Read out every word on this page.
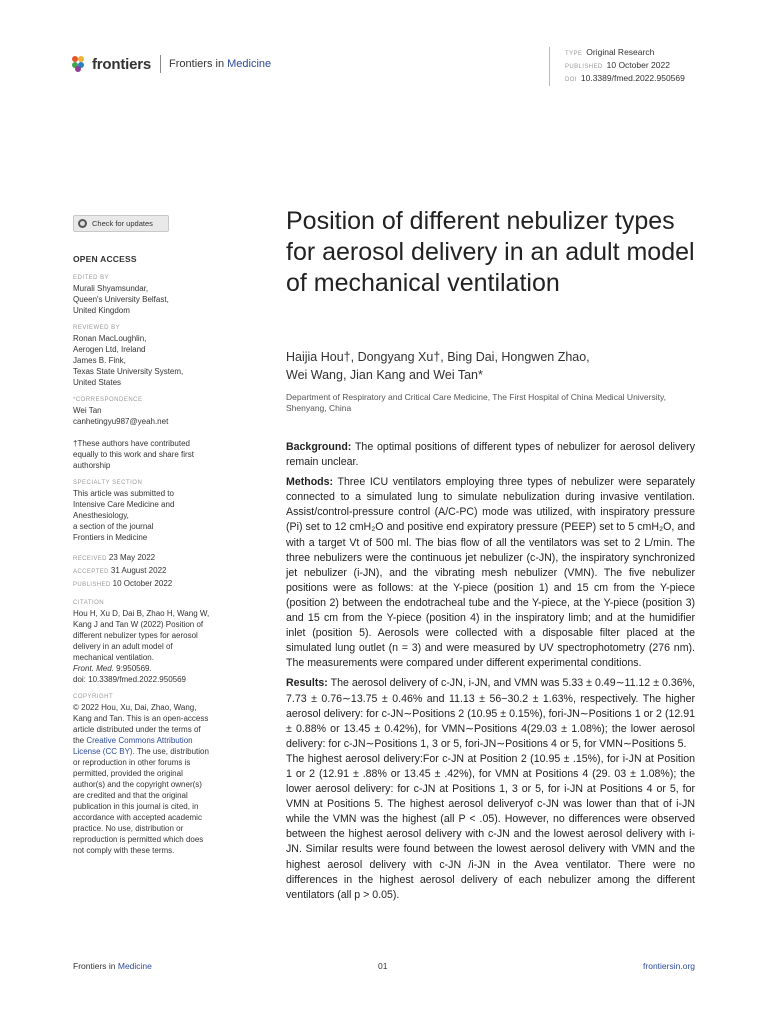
frontiers Frontiers in Medicine
TYPE Original Research
PUBLISHED 10 October 2022
DOI 10.3389/fmed.2022.950569
Check for updates
OPEN ACCESS
EDITED BY
Murali Shyamsundar,
Queen's University Belfast,
United Kingdom
REVIEWED BY
Ronan MacLoughlin,
Aerogen Ltd, Ireland
James B. Fink,
Texas State University System,
United States
*CORRESPONDENCE
Wei Tan
canhetingyu987@yeah.net
†These authors have contributed
equally to this work and share first
authorship
SPECIALTY SECTION
This article was submitted to
Intensive Care Medicine and
Anesthesiology,
a section of the journal
Frontiers in Medicine
RECEIVED 23 May 2022
ACCEPTED 31 August 2022
PUBLISHED 10 October 2022
CITATION
Hou H, Xu D, Dai B, Zhao H, Wang W,
Kang J and Tan W (2022) Position of
different nebulizer types for aerosol
delivery in an adult model of
mechanical ventilation.
Front. Med. 9:950569.
doi: 10.3389/fmed.2022.950569
COPYRIGHT
© 2022 Hou, Xu, Dai, Zhao, Wang,
Kang and Tan. This is an open-access
article distributed under the terms of
the Creative Commons Attribution
License (CC BY). The use, distribution
or reproduction in other forums is
permitted, provided the original
author(s) and the copyright owner(s)
are credited and that the original
publication in this journal is cited, in
accordance with accepted academic
practice. No use, distribution or
reproduction is permitted which does
not comply with these terms.
Position of different nebulizer types for aerosol delivery in an adult model of mechanical ventilation
Haijia Hou†, Dongyang Xu†, Bing Dai, Hongwen Zhao,
Wei Wang, Jian Kang and Wei Tan*
Department of Respiratory and Critical Care Medicine, The First Hospital of China Medical University, Shenyang, China

Background: The optimal positions of different types of nebulizer for aerosol delivery remain unclear.

Methods: Three ICU ventilators employing three types of nebulizer were separately connected to a simulated lung to simulate nebulization during invasive ventilation. Assist/control-pressure control (A/C-PC) mode was utilized, with inspiratory pressure (Pi) set to 12 cmH₂O and positive end expiratory pressure (PEEP) set to 5 cmH₂O, and with a target Vt of 500 ml. The bias flow of all the ventilators was set to 2 L/min. The three nebulizers were the continuous jet nebulizer (c-JN), the inspiratory synchronized jet nebulizer (i-JN), and the vibrating mesh nebulizer (VMN). The five nebulizer positions were as follows: at the Y-piece (position 1) and 15 cm from the Y-piece (position 2) between the endotracheal tube and the Y-piece, at the Y-piece (position 3) and 15 cm from the Y-piece (position 4) in the inspiratory limb; and at the humidifier inlet (position 5). Aerosols were collected with a disposable filter placed at the simulated lung outlet (n = 3) and were measured by UV spectrophotometry (276 nm). The measurements were compared under different experimental conditions.

Results: The aerosol delivery of c-JN, i-JN, and VMN was 5.33 ± 0.49∼11.12 ± 0.36%, 7.73 ± 0.76∼13.75 ± 0.46% and 11.13 ± 56−30.2 ± 1.63%, respectively. The higher aerosol delivery: for c-JN∼Positions 2 (10.95 ± 0.15%), fori-JN∼Positions 1 or 2 (12.91 ± 0.88% or 13.45 ± 0.42%), for VMN∼Positions 4(29.03 ± 1.08%); the lower aerosol delivery: for c-JN∼Positions 1, 3 or 5, fori-JN∼Positions 4 or 5, for VMN∼Positions 5.

The highest aerosol delivery:For c-JN at Position 2 (10.95 ± .15%), for i-JN at Position 1 or 2 (12.91 ± .88% or 13.45 ± .42%), for VMN at Positions 4 (29. 03 ± 1.08%); the lower aerosol delivery: for c-JN at Positions 1, 3 or 5, for i-JN at Positions 4 or 5, for VMN at Positions 5. The highest aerosol deliveryof c-JN was lower than that of i-JN while the VMN was the highest (all P < .05). However, no differences were observed between the highest aerosol delivery with c-JN and the lowest aerosol delivery with i-JN. Similar results were found between the lowest aerosol delivery with VMN and the highest aerosol delivery with c-JN /i-JN in the Avea ventilator. There were no differences in the highest aerosol delivery of each nebulizer among the different ventilators (all p > 0.05).

Frontiers in Medicine	01	frontiersin.org
